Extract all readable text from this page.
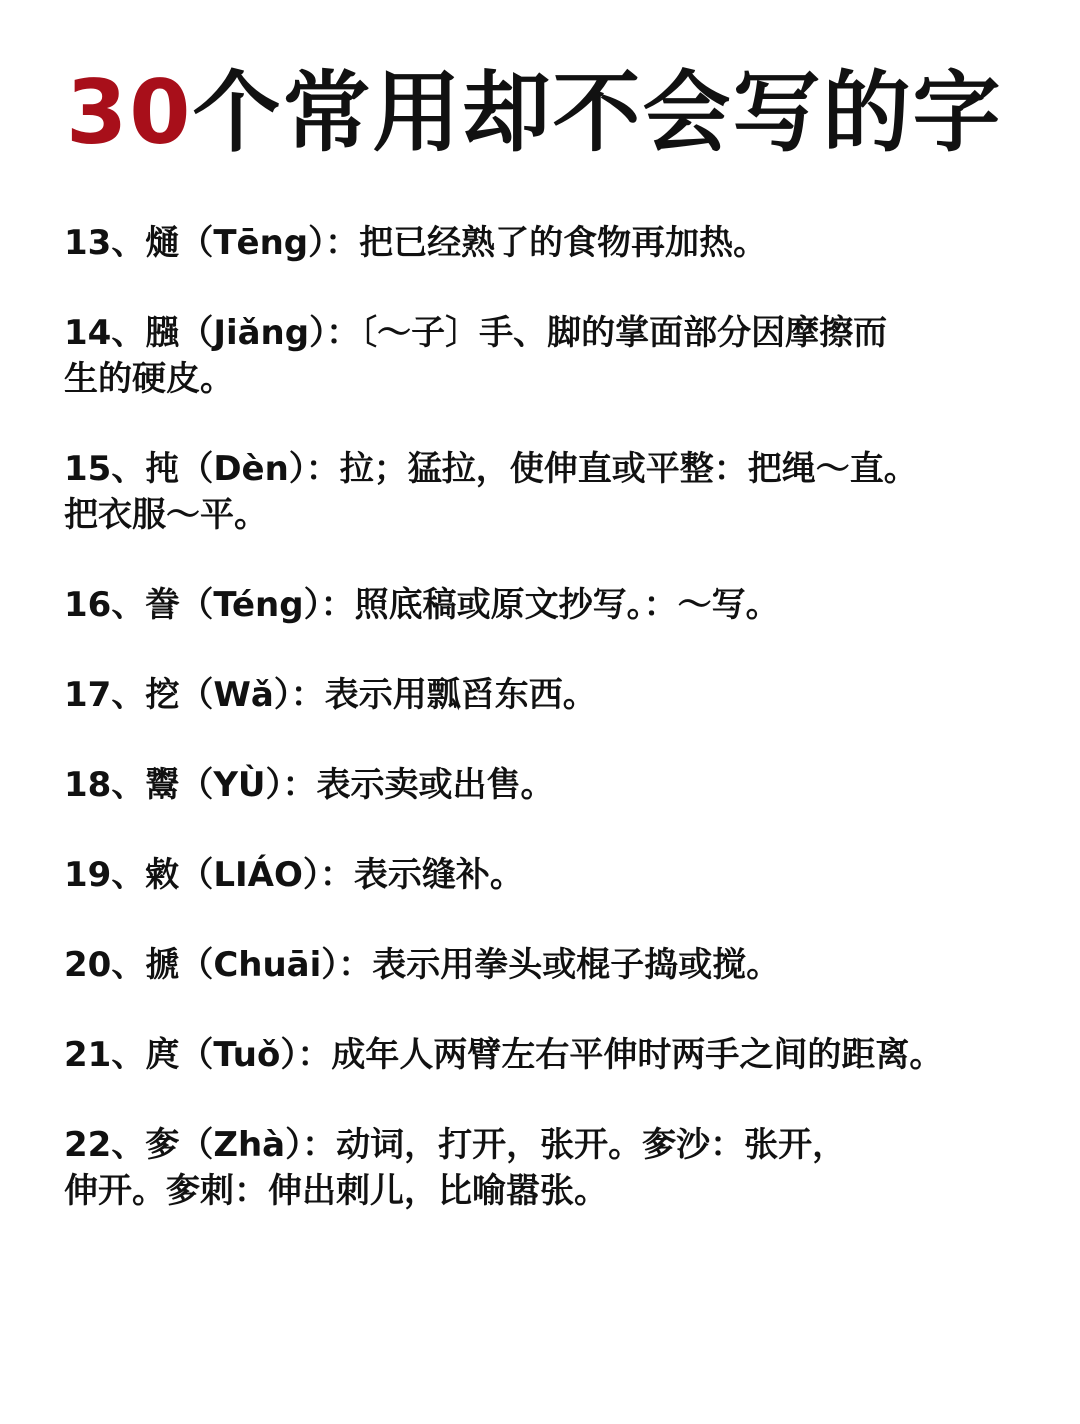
30个常用却不会写的字
13、熥（Tēng）：把已经熟了的食物再加热。
14、膙（Jiǎng）：〔～子〕手、脚的掌面部分因摩擦而
生的硬皮。
15、扽（Dèn）：拉；猛拉，使伸直或平整：把绳～直。
把衣服～平。
16、誊（Téng）：照底稿或原文抄写。：～写。
17、挖（Wǎ）：表示用瓢舀东西。
18、鬻（YÙ）：表示卖或出售。
19、敹（LIÁO）：表示缝补。
20、搋（Chuāi）：表示用拳头或棍子捣或搅。
21、庹（Tuǒ）：成年人两臂左右平伸时两手之间的距离。
22、奓（Zhà）：动词，打开，张开。奓沙：张开，
伸开。奓刺：伸出刺儿，比喻嚣张。
